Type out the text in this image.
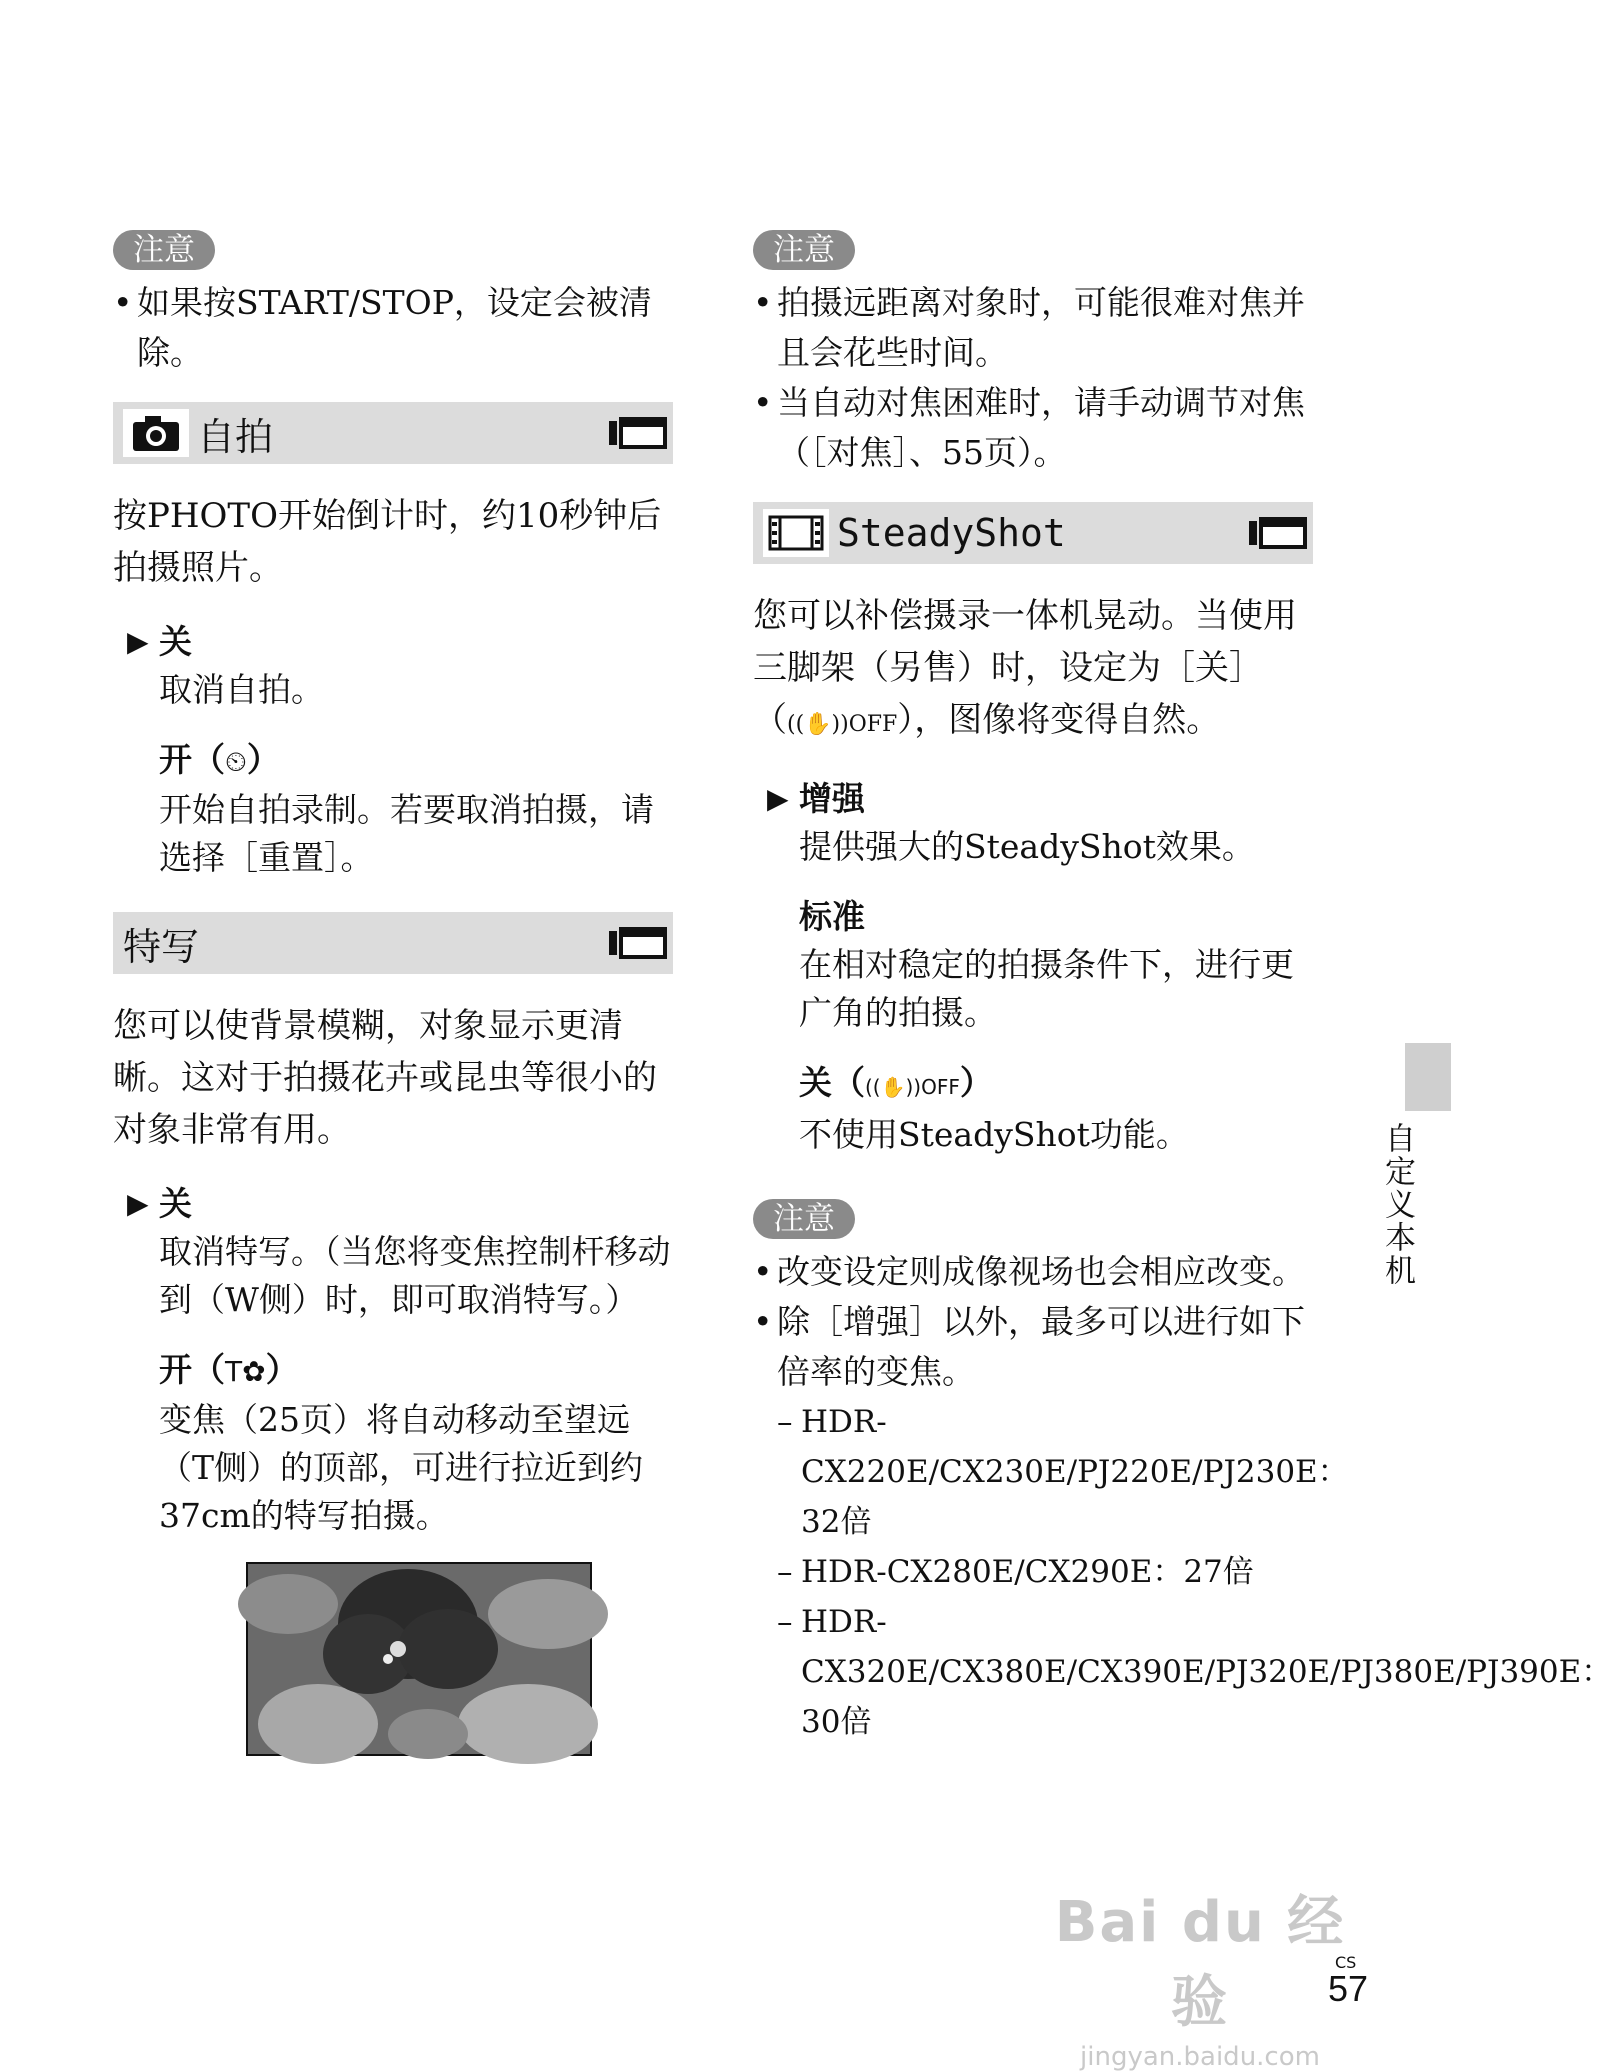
注意
• 如果按START/STOP，设定会被清除。
自拍

按PHOTO开始倒计时，约10秒钟后拍摄照片。

▶ 关
取消自拍。
开（⏲）
开始自拍录制。若要取消拍摄，请选择［重置］。
特写

您可以使背景模糊，对象显示更清晰。这对于拍摄花卉或昆虫等很小的对象非常有用。

▶ 关
取消特写。（当您将变焦控制杆移动到（W侧）时，即可取消特写。）
开（T✿）
变焦（25页）将自动移动至望远（T侧）的顶部，可进行拉近到约37cm的特写拍摄。
注意
• 拍摄远距离对象时，可能很难对焦并且会花些时间。
• 当自动对焦困难时，请手动调节对焦（［对焦］、55页）。
SteadyShot

您可以补偿摄录一体机晃动。当使用三脚架（另售）时，设定为［关］（((✋))OFF），图像将变得自然。

▶ 增强
提供强大的SteadyShot效果。
标准
在相对稳定的拍摄条件下，进行更广角的拍摄。
关（((✋))OFF）
不使用SteadyShot功能。
注意
• 改变设定则成像视场也会相应改变。
• 除［增强］以外，最多可以进行如下倍率的变焦。
– HDR-CX220E/CX230E/PJ220E/PJ230E：32倍
– HDR-CX280E/CX290E：27倍
– HDR-CX320E/CX380E/CX390E/PJ320E/PJ380E/PJ390E：30倍
自定义本机
Bai du 经验
jingyan.baidu.com
CS
57
